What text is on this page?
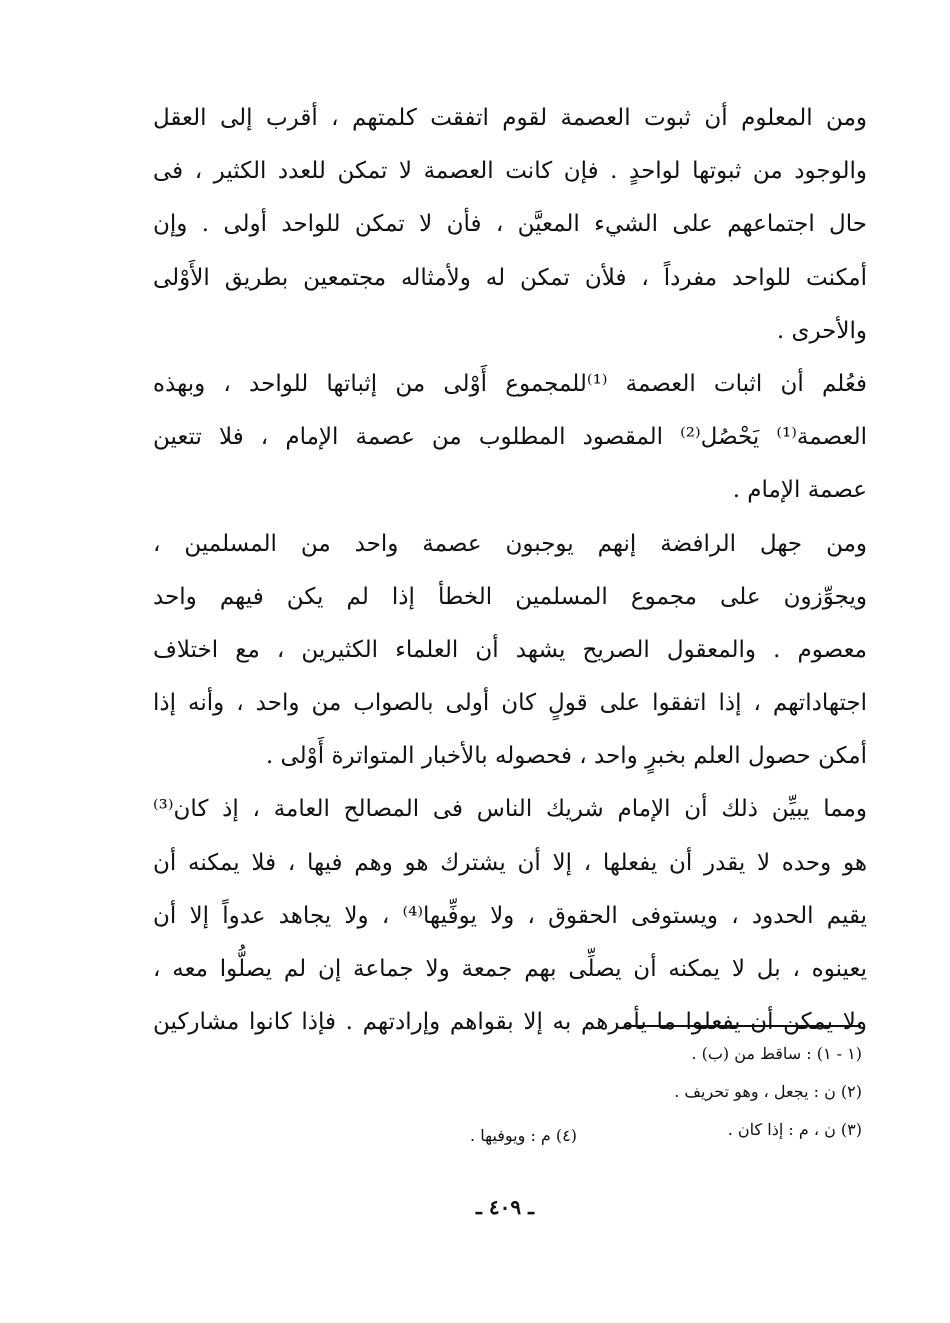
ومن المعلوم أن ثبوت العصمة لقوم اتفقت كلمتهم ، أقرب إلى العقل
والوجود من ثبوتها لواحدٍ . فإن كانت العصمة لا تمكن للعدد الكثير ، فى
حال اجتماعهم على الشيء المعيَّن ، فأن لا تمكن للواحد أولى . وإن
أمكنت للواحد مفرداً ، فلأن تمكن له ولأمثاله مجتمعين بطريق الأَوْلى
والأحرى .
فعُلم أن اثبات العصمة ⁽¹⁾للمجموع أَوْلى من إثباتها للواحد ، وبهذه
العصمة⁽¹⁾ يَحْصُل⁽²⁾ المقصود المطلوب من عصمة الإمام ، فلا تتعين
عصمة الإمام .
ومن جهل الرافضة إنهم يوجبون عصمة واحد من المسلمين ،
ويجوِّزون على مجموع المسلمين الخطأ إذا لم يكن فيهم واحد
معصوم . والمعقول الصريح يشهد أن العلماء الكثيرين ، مع اختلاف
اجتهاداتهم ، إذا اتفقوا على قولٍ كان أولى بالصواب من واحد ، وأنه إذا
أمكن حصول العلم بخبرٍ واحد ، فحصوله بالأخبار المتواترة أَوْلى .
ومما يبيِّن ذلك أن الإمام شريك الناس فى المصالح العامة ، إذ كان⁽³⁾
هو وحده لا يقدر أن يفعلها ، إلا أن يشترك هو وهم فيها ، فلا يمكنه أن
يقيم الحدود ، ويستوفى الحقوق ، ولا يوفِّيها⁽⁴⁾ ، ولا يجاهد عدواً إلا أن
يعينوه ، بل لا يمكنه أن يصلِّى بهم جمعة ولا جماعة إن لم يصلُّوا معه ،
ولا يمكن أن يفعلوا ما يأمرهم به إلا بقواهم وإرادتهم . فإذا كانوا مشاركين
(١ - ١) : ساقط من (ب) .
(٢) ن : يجعل ، وهو تحريف .
(٣) ن ، م : إذا كان .
(٤) م : ويوفيها .
ـ ٤٠٩ ـ
